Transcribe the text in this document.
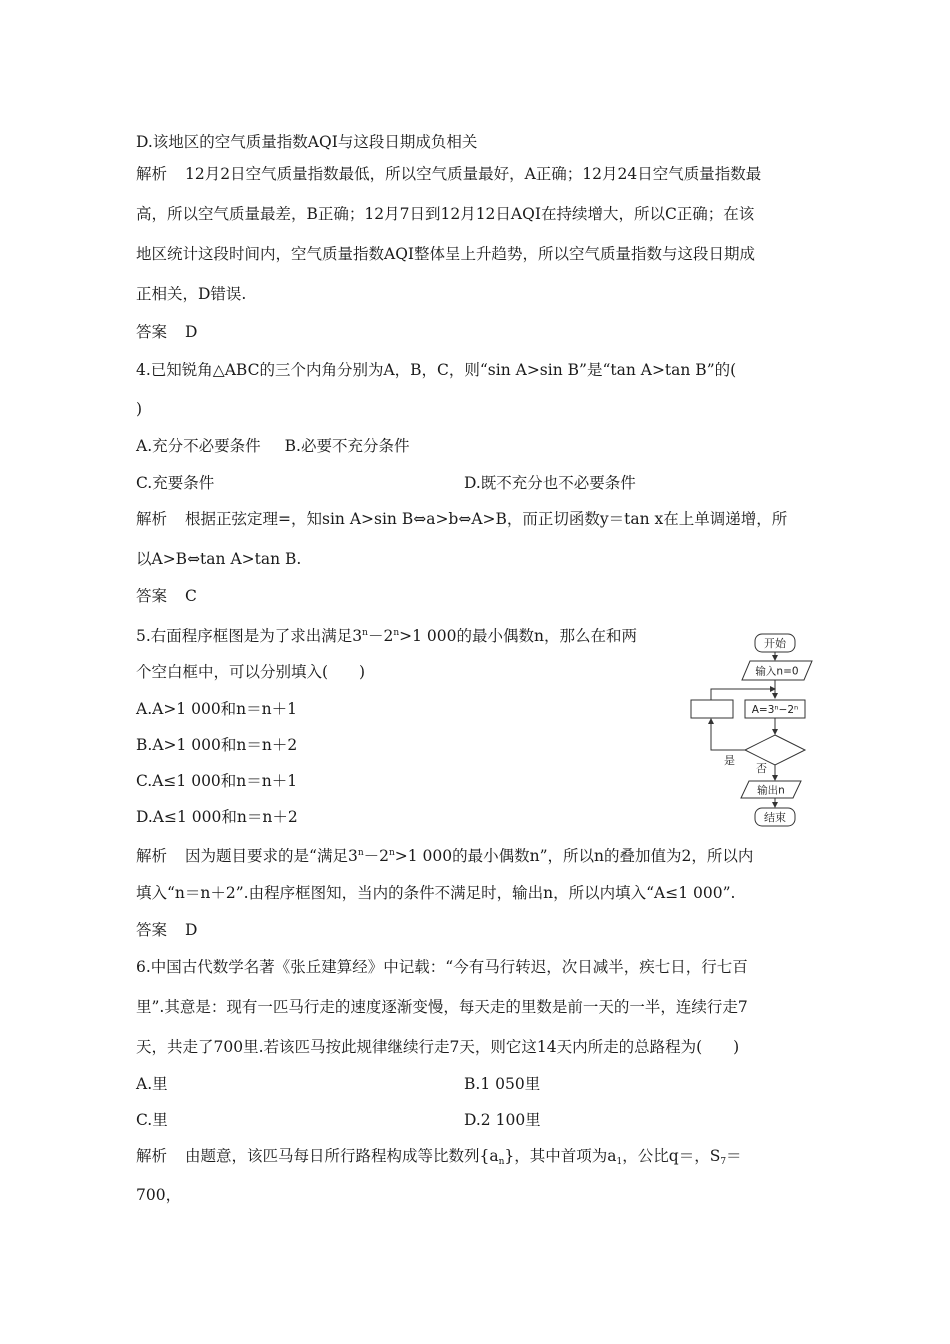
D.该地区的空气质量指数AQI与这段日期成负相关
解析 12月2日空气质量指数最低，所以空气质量最好，A正确；12月24日空气质量指数最
高，所以空气质量最差，B正确；12月7日到12月12日AQI在持续增大，所以C正确；在该
地区统计这段时间内，空气质量指数AQI整体呈上升趋势，所以空气质量指数与这段日期成
正相关，D错误.
答案 D
4.已知锐角△ABC的三个内角分别为A，B，C，则“sin A>sin B”是“tan A>tan B”的(
)
A.充分不必要条件 B.必要不充分条件
C.充要条件	D.既不充分也不必要条件
解析 根据正弦定理=，知sin A>sin B⇔a>b⇔A>B，而正切函数y＝tan x在上单调递增，所
以A>B⇔tan A>tan B.
答案 C
5.右面程序框图是为了求出满足$3^n-2^n>1$ 000的最小偶数n，那么在和两
个空白框中，可以分别填入(　　)
A.A>1 000和n＝n＋1
B.A>1 000和n＝n＋2
C.A≤1 000和n＝n＋1
D.A≤1 000和n＝n＋2
解析 因为题目要求的是“满足$3^n-2^n>1$ 000的最小偶数n”，所以n的叠加值为2，所以内
填入“n＝n＋2”.由程序框图知，当内的条件不满足时，输出n，所以内填入“A≤1 000”.
答案 D
6.中国古代数学名著《张丘建算经》中记载：“今有马行转迟，次日减半，疾七日，行七百
里”.其意是：现有一匹马行走的速度逐渐变慢，每天走的里数是前一天的一半，连续行走7
天，共走了700里.若该匹马按此规律继续行走7天，则它这14天内所走的总路程为(　　)
A.里	B.1 050里
C.里	D.2 100里
解析 由题意，该匹马每日所行路程构成等比数列$\{a_n\}$，其中首项为$a_1$，公比q＝，$S_7=$
700，
开始
输入n=0
A=3ⁿ−2ⁿ
是
否
输出n
结束
